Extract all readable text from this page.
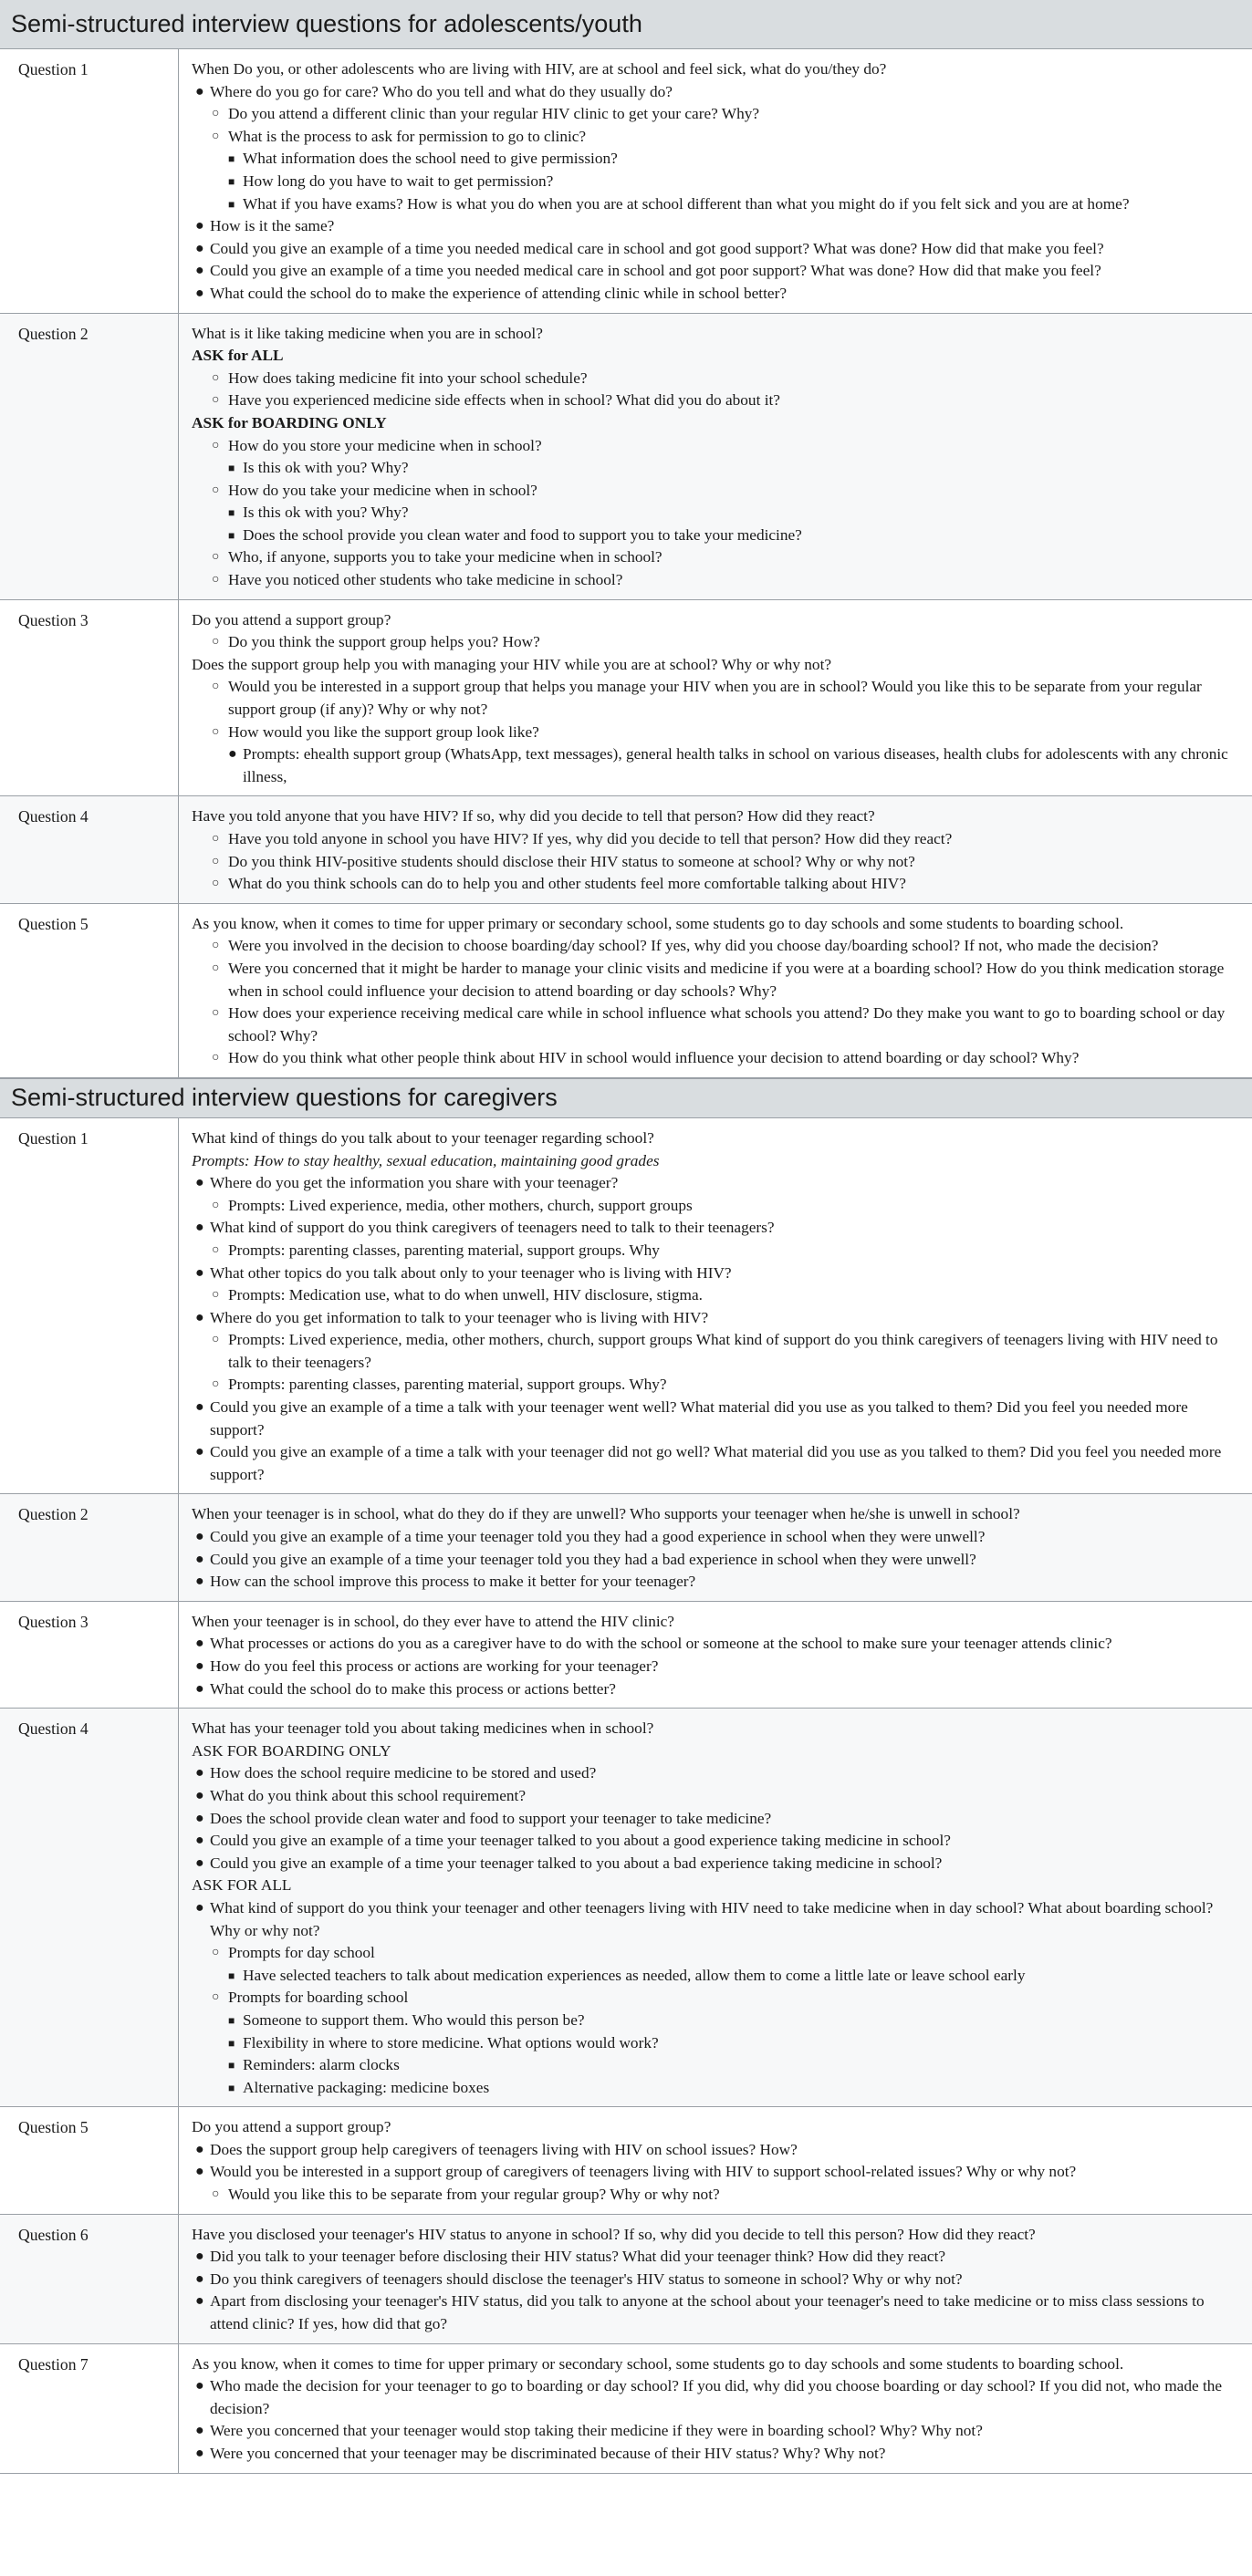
Semi-structured interview questions for adolescents/youth
Question 1	When Do you, or other adolescents who are living with HIV, are at school and feel sick, what do you/they do?
● Where do you go for care? Who do you tell and what do they usually do?
○ Do you attend a different clinic than your regular HIV clinic to get your care? Why?
○ What is the process to ask for permission to go to clinic?
■ What information does the school need to give permission?
■ How long do you have to wait to get permission?
■ What if you have exams? How is what you do when you are at school different than what you might do if you felt sick and you are at home?
● How is it the same?
● Could you give an example of a time you needed medical care in school and got good support? What was done? How did that make you feel?
● Could you give an example of a time you needed medical care in school and got poor support? What was done? How did that make you feel?
● What could the school do to make the experience of attending clinic while in school better?
Question 2	What is it like taking medicine when you are in school?
ASK for ALL
○ How does taking medicine fit into your school schedule?
○ Have you experienced medicine side effects when in school? What did you do about it?
ASK for BOARDING ONLY
○ How do you store your medicine when in school?
■ Is this ok with you? Why?
○ How do you take your medicine when in school?
■ Is this ok with you? Why?
■ Does the school provide you clean water and food to support you to take your medicine?
○ Who, if anyone, supports you to take your medicine when in school?
○ Have you noticed other students who take medicine in school?
Question 3	Do you attend a support group?
○ Do you think the support group helps you? How?
Does the support group help you with managing your HIV while you are at school? Why or why not?
○ Would you be interested in a support group that helps you manage your HIV when you are in school? Would you like this to be separate from your regular support group (if any)? Why or why not?
○ How would you like the support group look like?
● Prompts: ehealth support group (WhatsApp, text messages), general health talks in school on various diseases, health clubs for adolescents with any chronic illness,
Question 4	Have you told anyone that you have HIV? If so, why did you decide to tell that person? How did they react?
○ Have you told anyone in school you have HIV? If yes, why did you decide to tell that person? How did they react?
○ Do you think HIV-positive students should disclose their HIV status to someone at school? Why or why not?
○ What do you think schools can do to help you and other students feel more comfortable talking about HIV?
Question 5	As you know, when it comes to time for upper primary or secondary school, some students go to day schools and some students to boarding school.
○ Were you involved in the decision to choose boarding/day school? If yes, why did you choose day/boarding school? If not, who made the decision?
○ Were you concerned that it might be harder to manage your clinic visits and medicine if you were at a boarding school? How do you think medication storage when in school could influence your decision to attend boarding or day schools? Why?
○ How does your experience receiving medical care while in school influence what schools you attend? Do they make you want to go to boarding school or day school? Why?
○ How do you think what other people think about HIV in school would influence your decision to attend boarding or day school? Why?
Semi-structured interview questions for caregivers
Question 1	What kind of things do you talk about to your teenager regarding school?
Prompts: How to stay healthy, sexual education, maintaining good grades
● Where do you get the information you share with your teenager?
○ Prompts: Lived experience, media, other mothers, church, support groups
● What kind of support do you think caregivers of teenagers need to talk to their teenagers?
○ Prompts: parenting classes, parenting material, support groups. Why
● What other topics do you talk about only to your teenager who is living with HIV?
○ Prompts: Medication use, what to do when unwell, HIV disclosure, stigma.
● Where do you get information to talk to your teenager who is living with HIV?
○ Prompts: Lived experience, media, other mothers, church, support groups What kind of support do you think caregivers of teenagers living with HIV need to talk to their teenagers?
○ Prompts: parenting classes, parenting material, support groups. Why?
● Could you give an example of a time a talk with your teenager went well? What material did you use as you talked to them? Did you feel you needed more support?
● Could you give an example of a time a talk with your teenager did not go well? What material did you use as you talked to them? Did you feel you needed more support?
Question 2	When your teenager is in school, what do they do if they are unwell? Who supports your teenager when he/she is unwell in school?
● Could you give an example of a time your teenager told you they had a good experience in school when they were unwell?
● Could you give an example of a time your teenager told you they had a bad experience in school when they were unwell?
● How can the school improve this process to make it better for your teenager?
Question 3	When your teenager is in school, do they ever have to attend the HIV clinic?
● What processes or actions do you as a caregiver have to do with the school or someone at the school to make sure your teenager attends clinic?
● How do you feel this process or actions are working for your teenager?
● What could the school do to make this process or actions better?
Question 4	What has your teenager told you about taking medicines when in school?
ASK FOR BOARDING ONLY
● How does the school require medicine to be stored and used?
● What do you think about this school requirement?
● Does the school provide clean water and food to support your teenager to take medicine?
● Could you give an example of a time your teenager talked to you about a good experience taking medicine in school?
● Could you give an example of a time your teenager talked to you about a bad experience taking medicine in school?
ASK FOR ALL
● What kind of support do you think your teenager and other teenagers living with HIV need to take medicine when in day school? What about boarding school? Why or why not?
○ Prompts for day school
■ Have selected teachers to talk about medication experiences as needed, allow them to come a little late or leave school early
○ Prompts for boarding school
■ Someone to support them. Who would this person be?
■ Flexibility in where to store medicine. What options would work?
■ Reminders: alarm clocks
■ Alternative packaging: medicine boxes
Question 5	Do you attend a support group?
● Does the support group help caregivers of teenagers living with HIV on school issues? How?
● Would you be interested in a support group of caregivers of teenagers living with HIV to support school-related issues? Why or why not?
○ Would you like this to be separate from your regular group? Why or why not?
Question 6	Have you disclosed your teenager's HIV status to anyone in school? If so, why did you decide to tell this person? How did they react?
● Did you talk to your teenager before disclosing their HIV status? What did your teenager think? How did they react?
● Do you think caregivers of teenagers should disclose the teenager's HIV status to someone in school? Why or why not?
● Apart from disclosing your teenager's HIV status, did you talk to anyone at the school about your teenager's need to take medicine or to miss class sessions to attend clinic? If yes, how did that go?
Question 7	As you know, when it comes to time for upper primary or secondary school, some students go to day schools and some students to boarding school.
● Who made the decision for your teenager to go to boarding or day school? If you did, why did you choose boarding or day school? If you did not, who made the decision?
● Were you concerned that your teenager would stop taking their medicine if they were in boarding school? Why? Why not?
● Were you concerned that your teenager may be discriminated because of their HIV status? Why? Why not?
